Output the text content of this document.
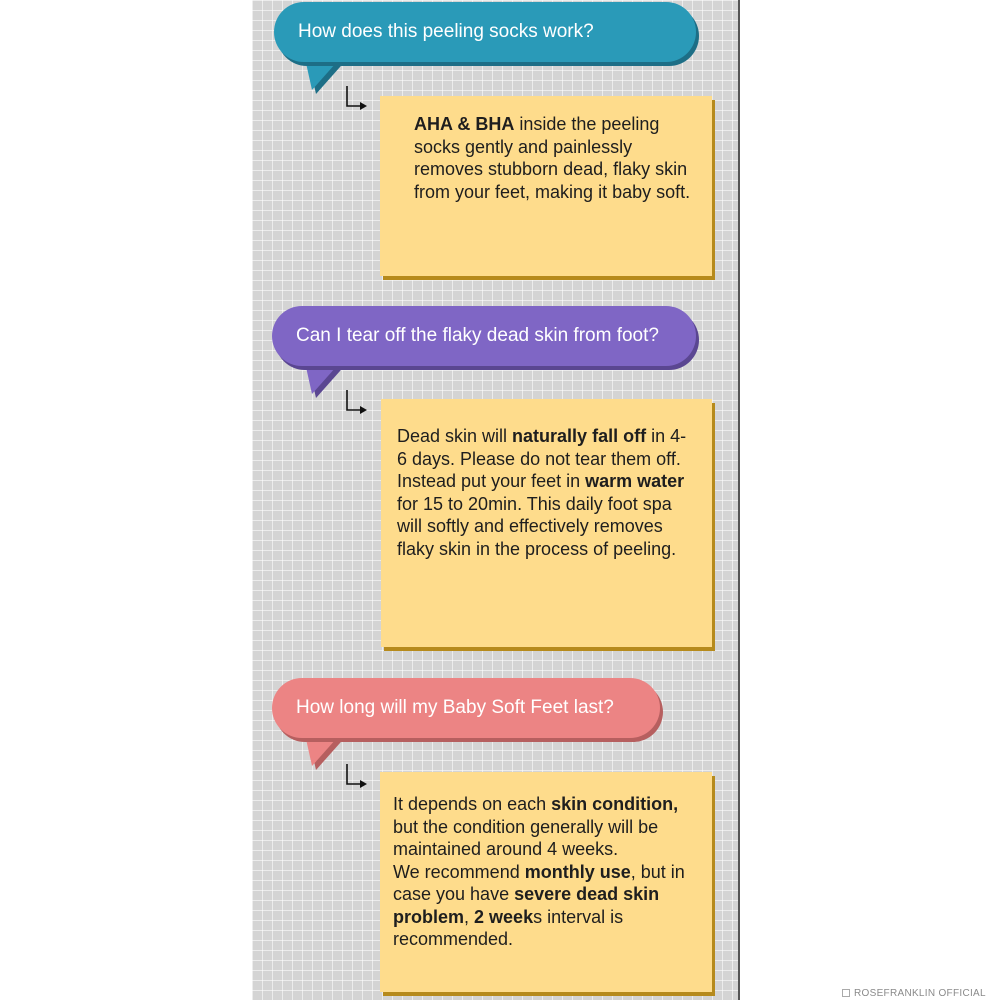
How does this peeling socks work?
AHA & BHA inside the peeling socks gently and painlessly removes stubborn dead, flaky skin from your feet, making it baby soft.
Can I tear off the flaky dead skin from foot?
Dead skin will naturally fall off in 4-6 days. Please do not tear them off. Instead put your feet in warm water for 15 to 20min. This daily foot spa will softly and effectively removes flaky skin in the process of peeling.
How long will my Baby Soft Feet last?
It depends on each skin condition, but the condition generally will be maintained around 4 weeks.
We recommend monthly use, but in case you have severe dead skin problem, 2 weeks interval is recommended.
ROSEFRANKLIN OFFICIAL
